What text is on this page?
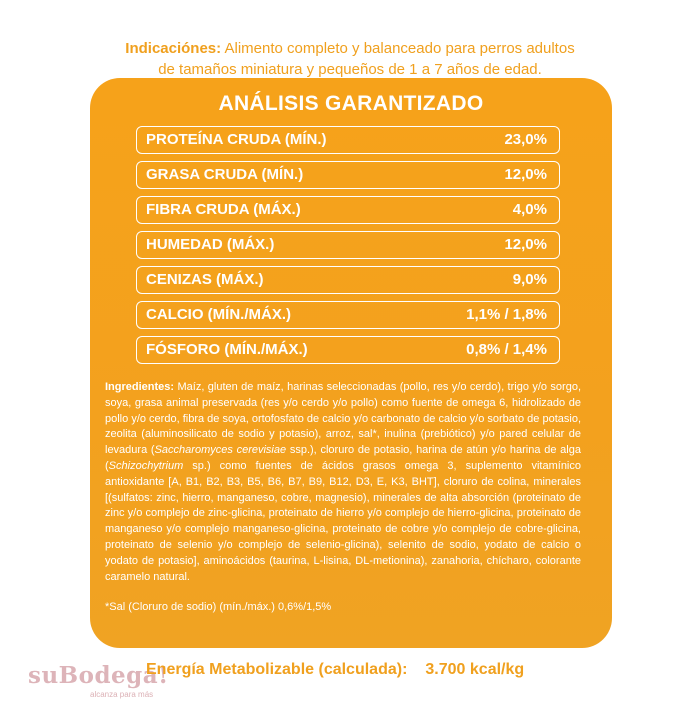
Indicaciónes: Alimento completo y balanceado para perros adultos
de tamaños miniatura y pequeños de 1 a 7 años de edad.
ANÁLISIS GARANTIZADO
PROTEÍNA CRUDA (MÍN.)	23,0%
GRASA CRUDA (MÍN.)	12,0%
FIBRA CRUDA (MÁX.)	4,0%
HUMEDAD (MÁX.)	12,0%
CENIZAS (MÁX.)	9,0%
CALCIO (MÍN./MÁX.)	1,1% / 1,8%
FÓSFORO (MÍN./MÁX.)	0,8% / 1,4%
Ingredientes: Maíz, gluten de maíz, harinas seleccionadas (pollo, res y/o cerdo), trigo y/o sorgo, soya, grasa animal preservada (res y/o cerdo y/o pollo) como fuente de omega 6, hidrolizado de pollo y/o cerdo, fibra de soya, ortofosfato de calcio y/o carbonato de calcio y/o sorbato de potasio, zeolita (aluminosilicato de sodio y potasio), arroz, sal*, inulina (prebiótico) y/o pared celular de levadura (Saccharomyces cerevisiae ssp.), cloruro de potasio, harina de atún y/o harina de alga (Schizochytrium sp.) como fuentes de ácidos grasos omega 3, suplemento vitamínico antioxidante [A, B1, B2, B3, B5, B6, B7, B9, B12, D3, E, K3, BHT], cloruro de colina, minerales [(sulfatos: zinc, hierro, manganeso, cobre, magnesio), minerales de alta absorción (proteinato de zinc y/o complejo de zinc-glicina, proteinato de hierro y/o complejo de hierro-glicina, proteinato de manganeso y/o complejo manganeso-glicina, proteinato de cobre y/o complejo de cobre-glicina, proteinato de selenio y/o complejo de selenio-glicina), selenito de sodio, yodato de calcio o yodato de potasio], aminoácidos (taurina, L-lisina, DL-metionina), zanahoria, chícharo, colorante caramelo natural.
*Sal (Cloruro de sodio) (mín./máx.) 0,6%/1,5%
suBodega!
alcanza para más
Energía Metabolizable (calculada): 3.700 kcal/kg
